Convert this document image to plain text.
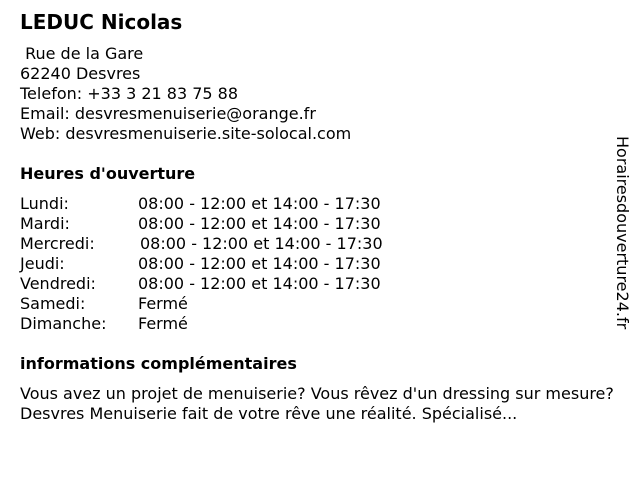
LEDUC Nicolas
Rue de la Gare
62240 Desvres
Telefon: +33 3 21 83 75 88
Email: desvresmenuiserie@orange.fr
Web: desvresmenuiserie.site-solocal.com
Heures d'ouverture
Lundi:	08:00 - 12:00 et 14:00 - 17:30
Mardi:	08:00 - 12:00 et 14:00 - 17:30
Mercredi:	08:00 - 12:00 et 14:00 - 17:30
Jeudi:	08:00 - 12:00 et 14:00 - 17:30
Vendredi:	08:00 - 12:00 et 14:00 - 17:30
Samedi:	Fermé
Dimanche: Fermé
informations complémentaires
Vous avez un projet de menuiserie? Vous rêvez d'un dressing sur mesure? Desvres Menuiserie fait de votre rêve une réalité. Spécialisé...
Horairesdouverture24.fr
